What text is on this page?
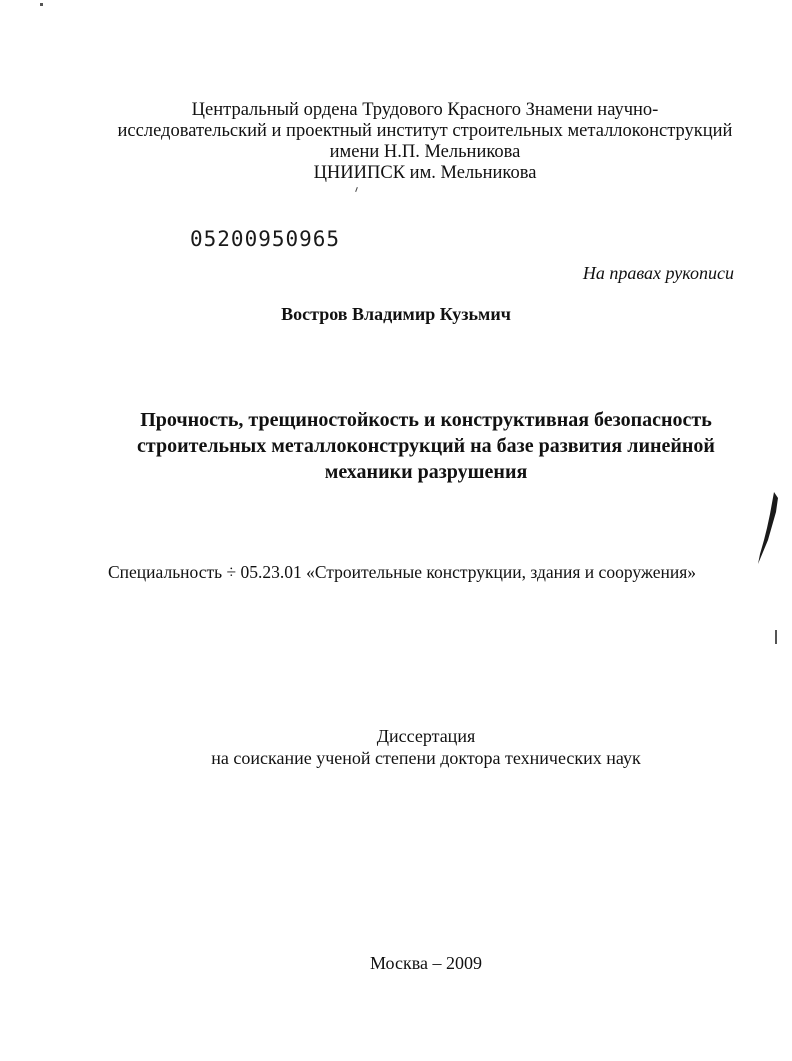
Центральный ордена Трудового Красного Знамени научно-
исследовательский и проектный институт строительных металлоконструкций
имени Н.П. Мельникова
ЦНИИПСК им. Мельникова
05200950965
На правах рукописи
Востров Владимир Кузьмич
Прочность, трещиностойкость и конструктивная безопасность
строительных металлоконструкций на базе развития линейной
механики разрушения
Специальность ÷ 05.23.01 «Строительные конструкции, здания и сооружения»
Диссертация
на соискание ученой степени доктора технических наук
Москва – 2009
